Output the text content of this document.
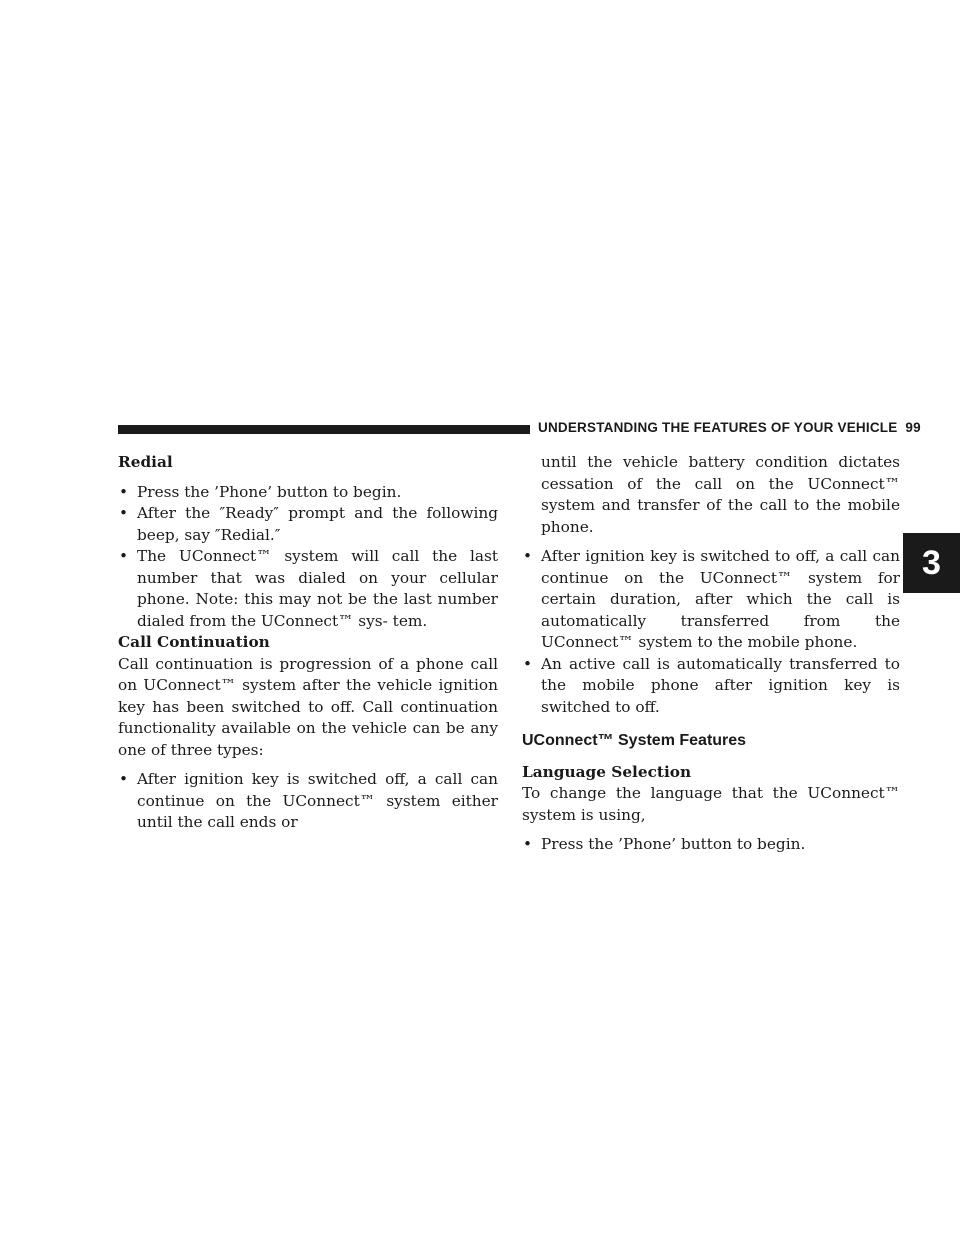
UNDERSTANDING THE FEATURES OF YOUR VEHICLE 99
3

Redial

• Press the ’Phone’ button to begin.

• After the ″Ready″ prompt and the following beep, say ″Redial.″

• The UConnect™ system will call the last number that was dialed on your cellular phone. Note: this may not be the last number dialed from the UConnect™ sys- tem.

Call Continuation

Call continuation is progression of a phone call on UConnect™ system after the vehicle ignition key has been switched to off. Call continuation functionality available on the vehicle can be any one of three types:

• After ignition key is switched off, a call can continue on the UConnect™ system either until the call ends or

until the vehicle battery condition dictates cessation of the call on the UConnect™ system and transfer of the call to the mobile phone.

• After ignition key is switched to off, a call can continue on the UConnect™ system for certain duration, after which the call is automatically transferred from the UConnect™ system to the mobile phone.

• An active call is automatically transferred to the mobile phone after ignition key is switched to off.

UConnect™ System Features

Language Selection

To change the language that the UConnect™ system is using,

• Press the ’Phone’ button to begin.
